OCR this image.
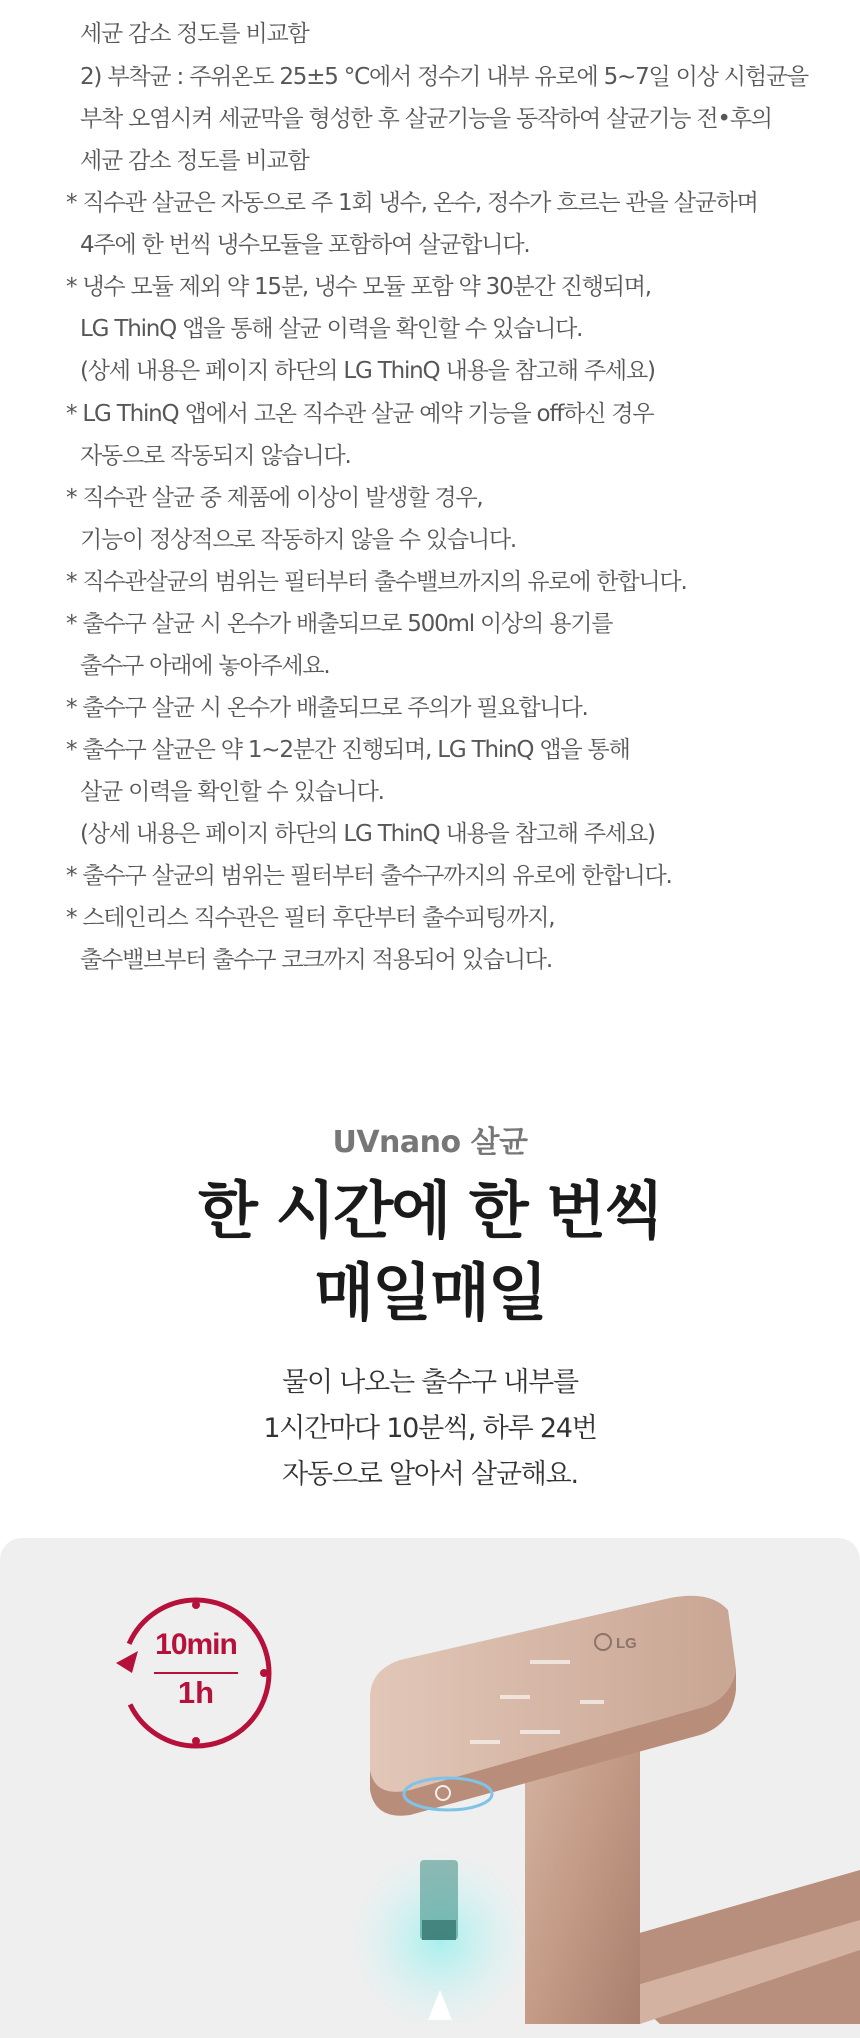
세균 감소 정도를 비교함
2) 부착균 : 주위온도 25±5 °C에서 정수기 내부 유로에 5~7일 이상 시험균을
부착 오염시켜 세균막을 형성한 후 살균기능을 동작하여 살균기능 전•후의
세균 감소 정도를 비교함
* 직수관 살균은 자동으로 주 1회 냉수, 온수, 정수가 흐르는 관을 살균하며
4주에 한 번씩 냉수모듈을 포함하여 살균합니다.
* 냉수 모듈 제외 약 15분, 냉수 모듈 포함 약 30분간 진행되며,
LG ThinQ 앱을 통해 살균 이력을 확인할 수 있습니다.
(상세 내용은 페이지 하단의 LG ThinQ 내용을 참고해 주세요)
* LG ThinQ 앱에서 고온 직수관 살균 예약 기능을 off하신 경우
자동으로 작동되지 않습니다.
* 직수관 살균 중 제품에 이상이 발생할 경우,
기능이 정상적으로 작동하지 않을 수 있습니다.
* 직수관살균의 범위는 필터부터 출수밸브까지의 유로에 한합니다.
* 출수구 살균 시 온수가 배출되므로 500ml 이상의 용기를
출수구 아래에 놓아주세요.
* 출수구 살균 시 온수가 배출되므로 주의가 필요합니다.
* 출수구 살균은 약 1~2분간 진행되며, LG ThinQ 앱을 통해
살균 이력을 확인할 수 있습니다.
(상세 내용은 페이지 하단의 LG ThinQ 내용을 참고해 주세요)
* 출수구 살균의 범위는 필터부터 출수구까지의 유로에 한합니다.
* 스테인리스 직수관은 필터 후단부터 출수피팅까지,
출수밸브부터 출수구 코크까지 적용되어 있습니다.
UVnano 살균
한 시간에 한 번씩
매일매일
물이 나오는 출수구 내부를
1시간마다 10분씩, 하루 24번
자동으로 알아서 살균해요.
10min
1h
LG
